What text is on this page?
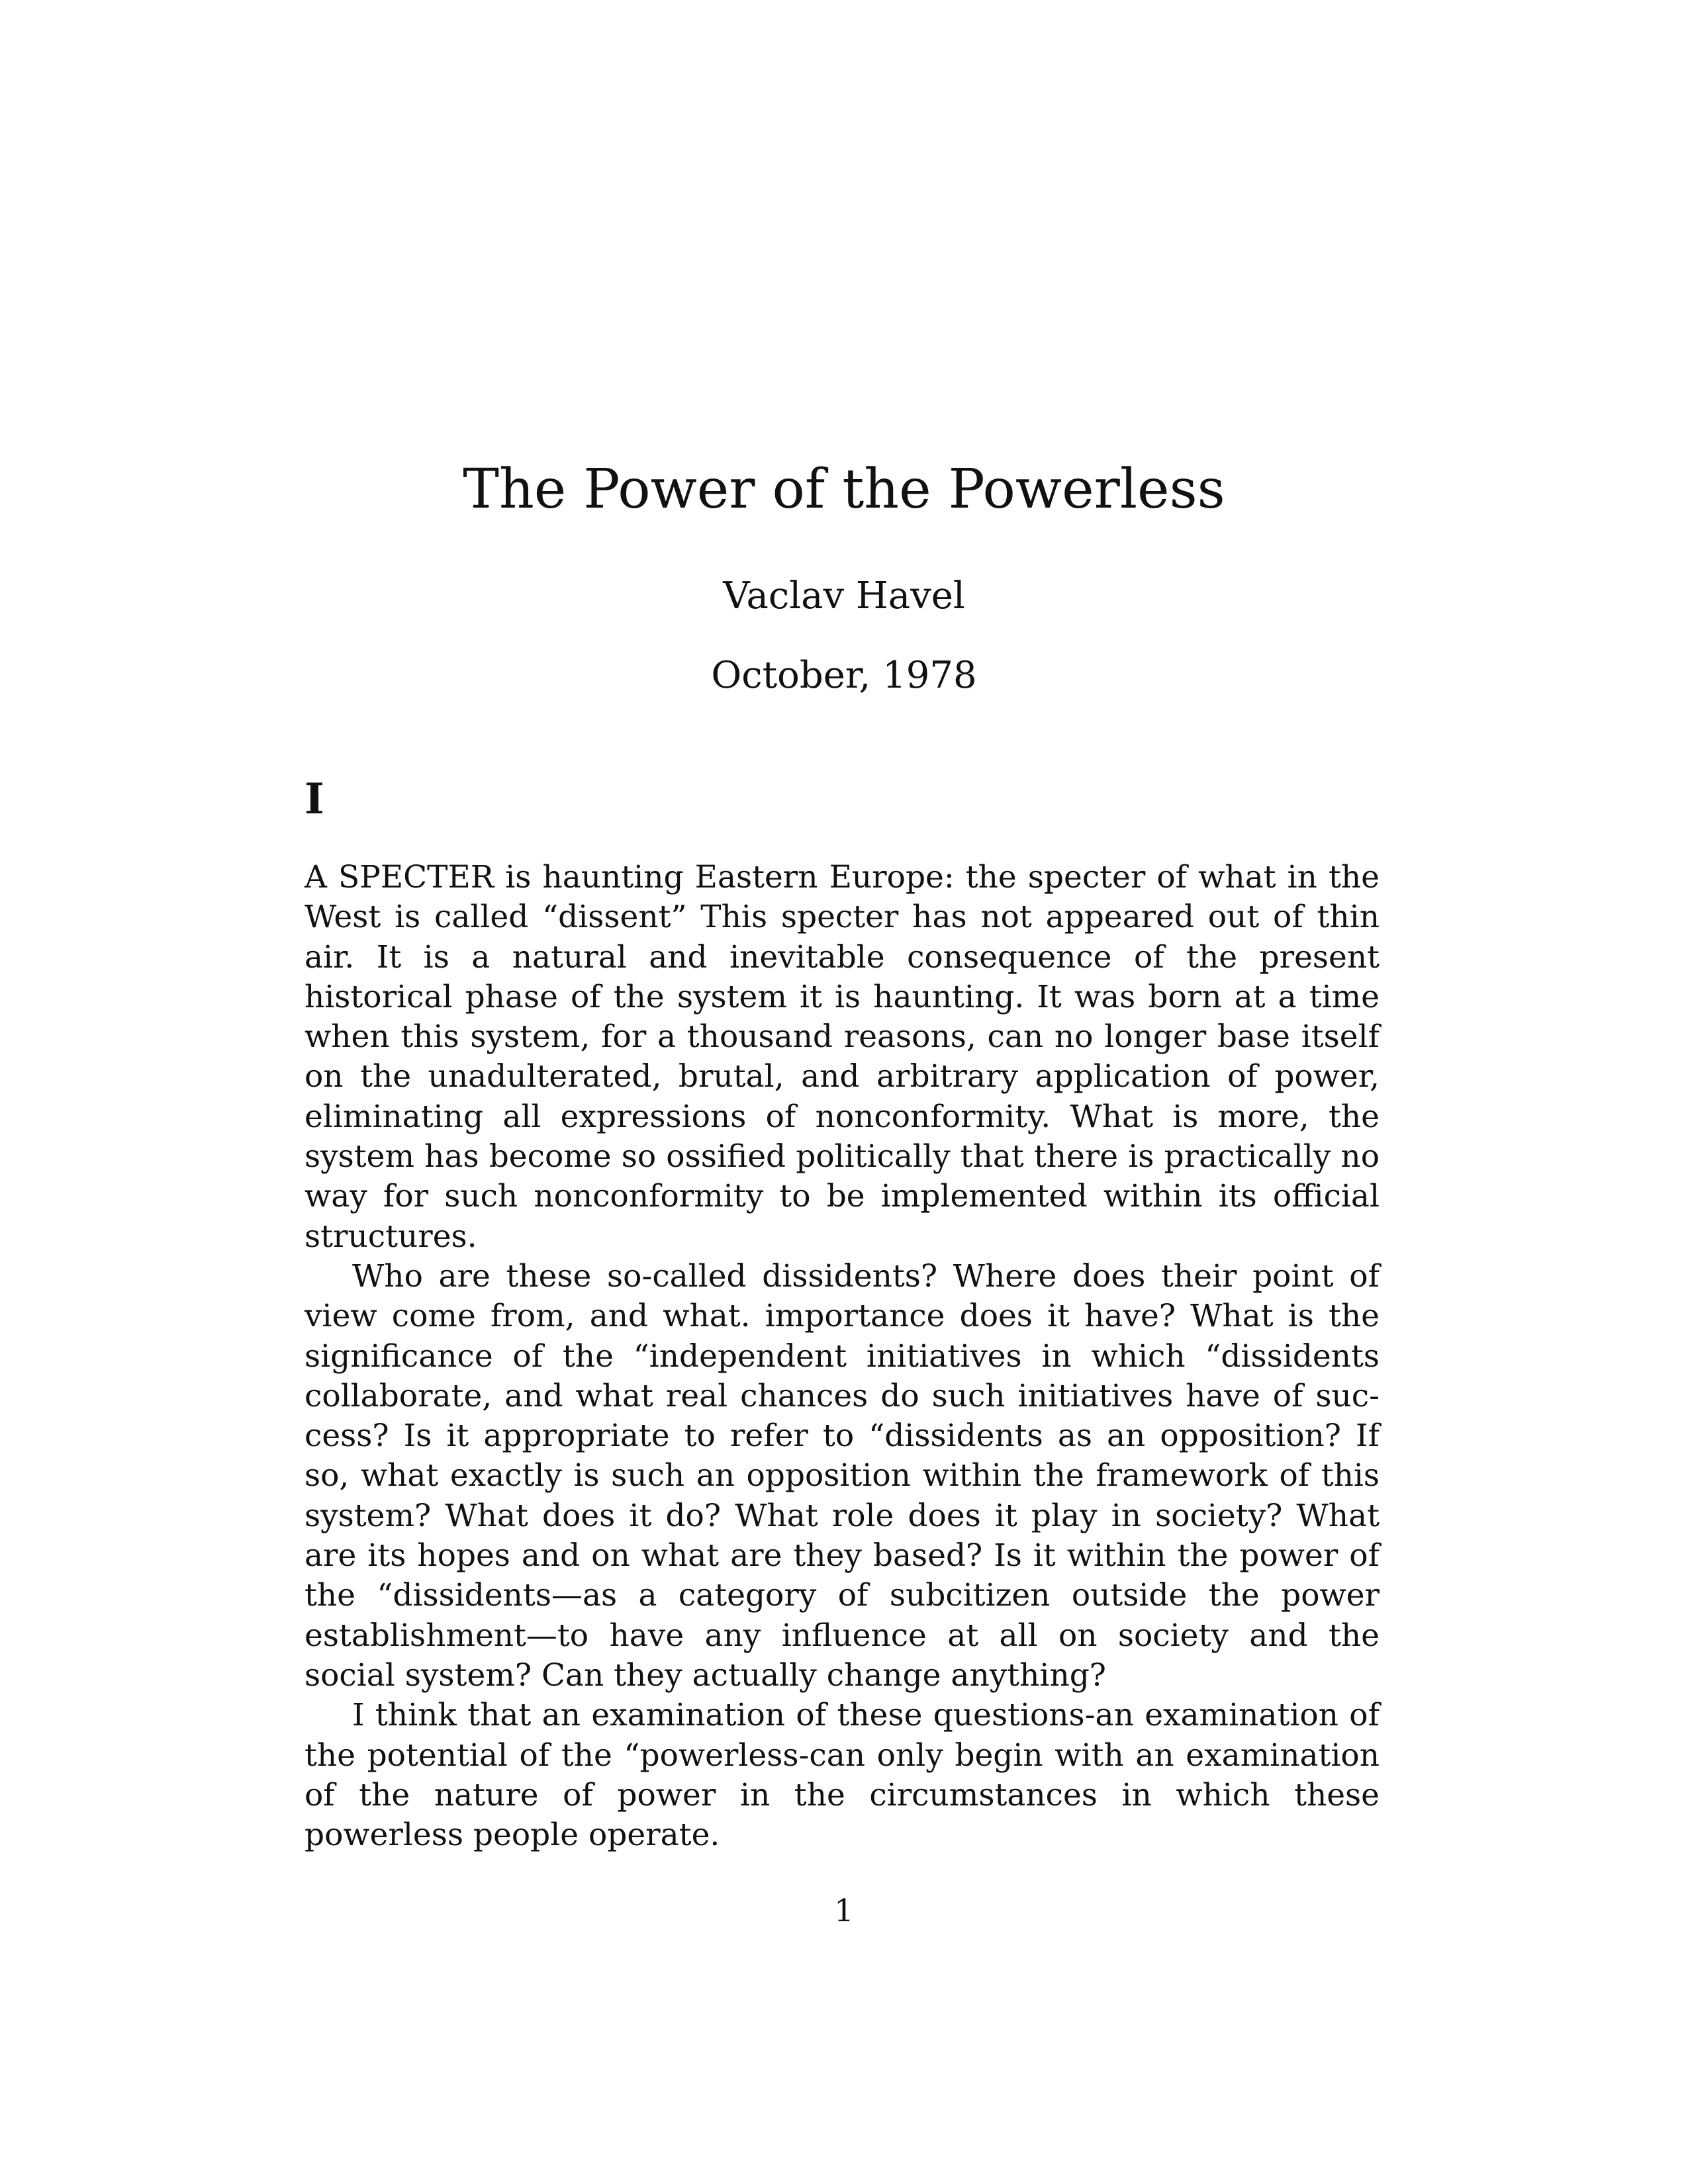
The Power of the Powerless
Vaclav Havel
October, 1978
I

A SPECTER is haunting Eastern Europe: the specter of what in the West is called “dissent” This specter has not appeared out of thin air. It is a natural and inevitable consequence of the present historical phase of the system it is haunting. It was born at a time when this system, for a thousand reasons, can no longer base itself on the unadulterated, brutal, and arbitrary application of power, eliminating all expressions of nonconformity. What is more, the system has become so ossified politically that there is practically no way for such nonconformity to be implemented within its official structures.

Who are these so-called dissidents? Where does their point of view come from, and what. importance does it have? What is the significance of the “independent initiatives in which “dissidents collaborate, and what real chances do such initiatives have of success? Is it appropriate to refer to “dissidents as an opposition? If so, what exactly is such an opposition within the framework of this system? What does it do? What role does it play in society? What are its hopes and on what are they based? Is it within the power of the “dissidents—as a category of subcitizen outside the power establishment—to have any influence at all on society and the social system? Can they actually change anything?

I think that an examination of these questions-an examination of the potential of the “powerless-can only begin with an examination of the nature of power in the circumstances in which these powerless people operate.

1
